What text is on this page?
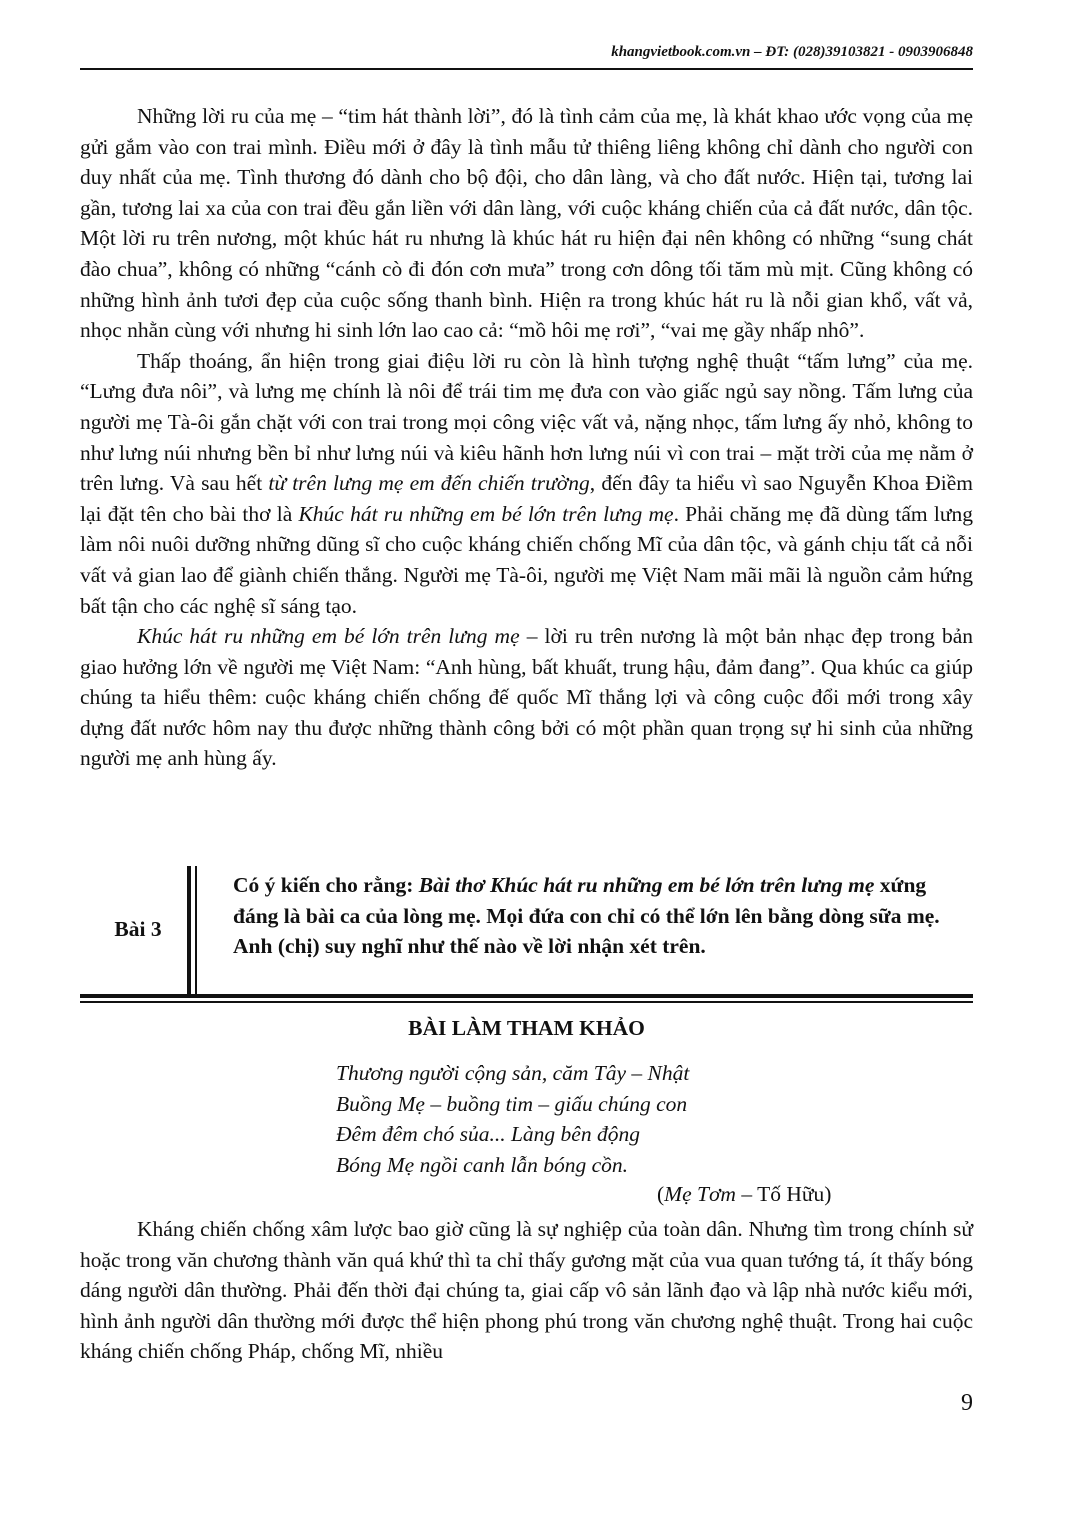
khangvietbook.com.vn – ĐT: (028)39103821 - 0903906848

Những lời ru của mẹ – “tim hát thành lời”, đó là tình cảm của mẹ, là khát khao ước vọng của mẹ gửi gắm vào con trai mình. Điều mới ở đây là tình mẫu tử thiêng liêng không chỉ dành cho người con duy nhất của mẹ. Tình thương đó dành cho bộ đội, cho dân làng, và cho đất nước. Hiện tại, tương lai gần, tương lai xa của con trai đều gắn liền với dân làng, với cuộc kháng chiến của cả đất nước, dân tộc. Một lời ru trên nương, một khúc hát ru nhưng là khúc hát ru hiện đại nên không có những “sung chát đào chua”, không có những “cánh cò đi đón cơn mưa” trong cơn dông tối tăm mù mịt. Cũng không có những hình ảnh tươi đẹp của cuộc sống thanh bình. Hiện ra trong khúc hát ru là nỗi gian khổ, vất vả, nhọc nhằn cùng với nhưng hi sinh lớn lao cao cả: “mồ hôi mẹ rơi”, “vai mẹ gầy nhấp nhô”.

Thấp thoáng, ẩn hiện trong giai điệu lời ru còn là hình tượng nghệ thuật “tấm lưng” của mẹ. “Lưng đưa nôi”, và lưng mẹ chính là nôi để trái tim mẹ đưa con vào giấc ngủ say nồng. Tấm lưng của người mẹ Tà-ôi gắn chặt với con trai trong mọi công việc vất vả, nặng nhọc, tấm lưng ấy nhỏ, không to như lưng núi nhưng bền bỉ như lưng núi và kiêu hãnh hơn lưng núi vì con trai – mặt trời của mẹ nằm ở trên lưng. Và sau hết từ trên lưng mẹ em đến chiến trường, đến đây ta hiểu vì sao Nguyễn Khoa Điềm lại đặt tên cho bài thơ là Khúc hát ru những em bé lớn trên lưng mẹ. Phải chăng mẹ đã dùng tấm lưng làm nôi nuôi dưỡng những dũng sĩ cho cuộc kháng chiến chống Mĩ của dân tộc, và gánh chịu tất cả nỗi vất vả gian lao để giành chiến thắng. Người mẹ Tà-ôi, người mẹ Việt Nam mãi mãi là nguồn cảm hứng bất tận cho các nghệ sĩ sáng tạo.

Khúc hát ru những em bé lớn trên lưng mẹ – lời ru trên nương là một bản nhạc đẹp trong bản giao hưởng lớn về người mẹ Việt Nam: “Anh hùng, bất khuất, trung hậu, đảm đang”. Qua khúc ca giúp chúng ta hiểu thêm: cuộc kháng chiến chống đế quốc Mĩ thắng lợi và công cuộc đổi mới trong xây dựng đất nước hôm nay thu được những thành công bởi có một phần quan trọng sự hi sinh của những người mẹ anh hùng ấy.

Bài 3
Có ý kiến cho rằng: Bài thơ Khúc hát ru những em bé lớn trên lưng mẹ xứng đáng là bài ca của lòng mẹ. Mọi đứa con chỉ có thể lớn lên bằng dòng sữa mẹ.
Anh (chị) suy nghĩ như thế nào về lời nhận xét trên.
BÀI LÀM THAM KHẢO
Thương người cộng sản, căm Tây – Nhật
Buồng Mẹ – buồng tim – giấu chúng con
Đêm đêm chó sủa... Làng bên động
Bóng Mẹ ngồi canh lẫn bóng cồn.
(Mẹ Tơm – Tố Hữu)

Kháng chiến chống xâm lược bao giờ cũng là sự nghiệp của toàn dân. Nhưng tìm trong chính sử hoặc trong văn chương thành văn quá khứ thì ta chỉ thấy gương mặt của vua quan tướng tá, ít thấy bóng dáng người dân thường. Phải đến thời đại chúng ta, giai cấp vô sản lãnh đạo và lập nhà nước kiểu mới, hình ảnh người dân thường mới được thể hiện phong phú trong văn chương nghệ thuật. Trong hai cuộc kháng chiến chống Pháp, chống Mĩ, nhiều

9
